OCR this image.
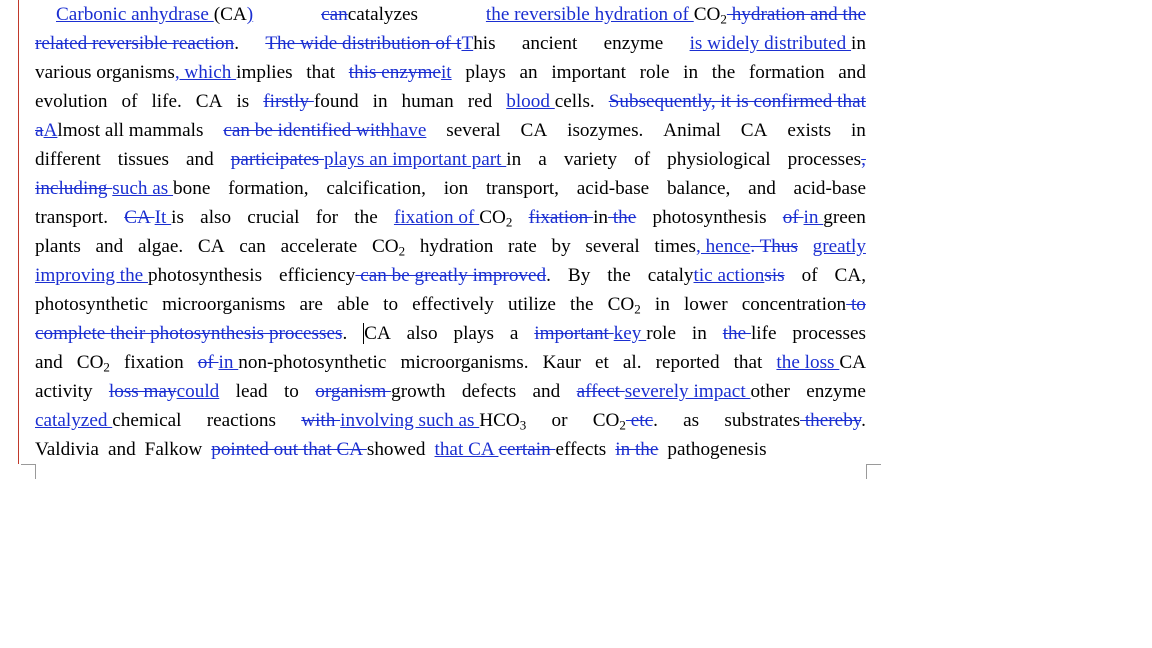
Carbonic anhydrase (CA)	cancatalyzes	the reversible hydration of $CO_2$ hydration and the
related reversible reaction. The wide distribution of tThis ancient enzyme is widely distributed in
various organisms, which implies that this enzymeit plays an important role in the formation and
evolution of life. CA is firstly found in human red blood cells. Subsequently, it is confirmed that
aAlmost all mammals can be identified withhave several CA isozymes. Animal CA exists in
different tissues and participates plays an important part in a variety of physiological processes,
including such as bone formation, calcification, ion transport, acid-base balance, and acid-base
transport. CA It is also crucial for the fixation of $CO_2$ fixation in the photosynthesis of in green
plants and algae. CA can accelerate $CO_2$ hydration rate by several times, hence. Thus greatly
improving the photosynthesis efficiency can be greatly improved. By the catalytic actionsis of CA,
photosynthetic microorganisms are able to effectively utilize the $CO_2$ in lower concentration to
complete their photosynthesis processes. CA also plays a important key role in the life processes
and $CO_2$ fixation of in non-photosynthetic microorganisms. Kaur et al. reported that the loss CA
activity loss maycould lead to organism growth defects and affect severely impact other enzyme
catalyzed chemical reactions with involving such as $HCO_3$ or $CO_2$ etc. as substrates thereby.
Valdivia and Falkow pointed out that CA showed that CA certain effects in the pathogenesis
